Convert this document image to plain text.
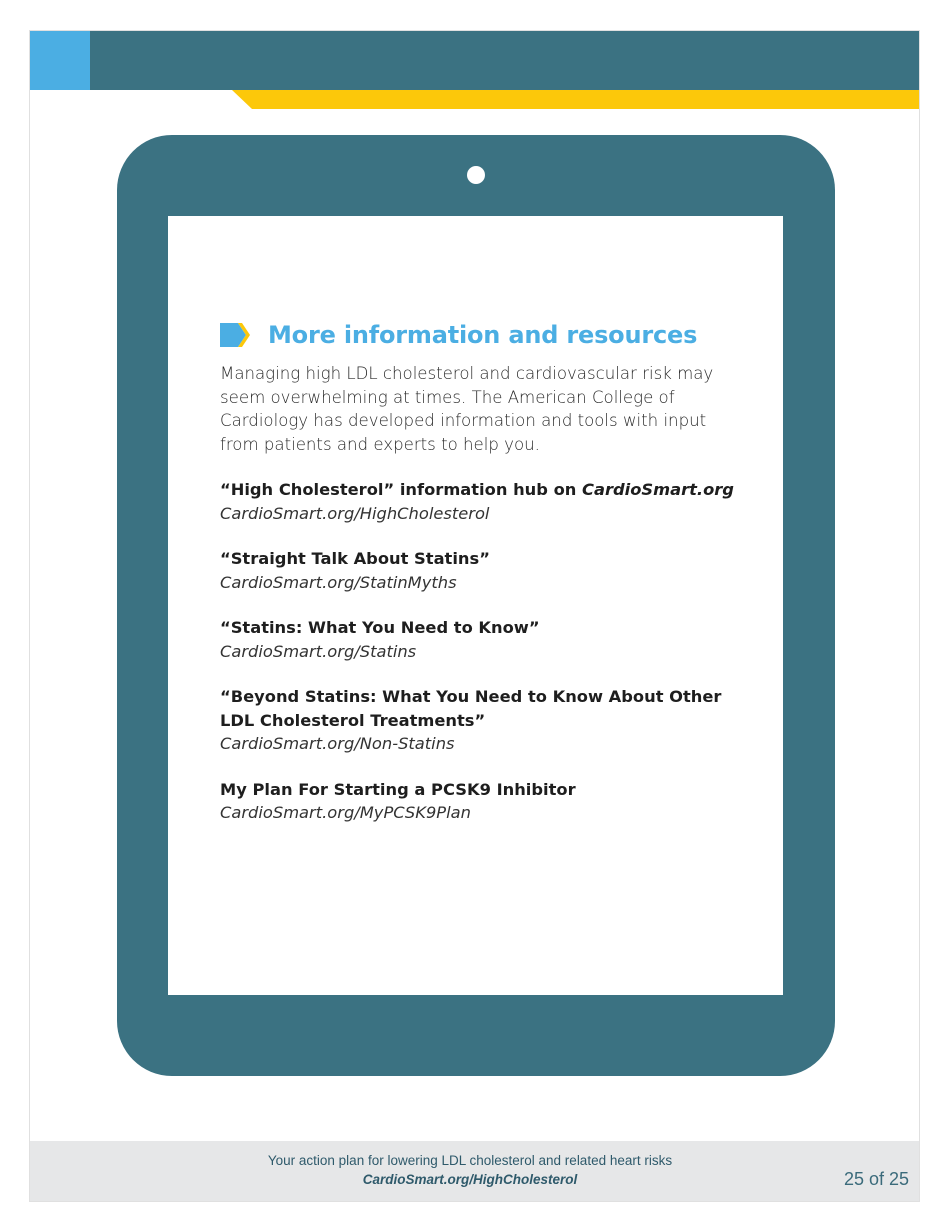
More information and resources
Managing high LDL cholesterol and cardiovascular risk may seem overwhelming at times. The American College of Cardiology has developed information and tools with input from patients and experts to help you.
“High Cholesterol” information hub on CardioSmart.org
CardioSmart.org/HighCholesterol
“Straight Talk About Statins”
CardioSmart.org/StatinMyths
“Statins: What You Need to Know”
CardioSmart.org/Statins
“Beyond Statins: What You Need to Know About Other LDL Cholesterol Treatments”
CardioSmart.org/Non-Statins
My Plan For Starting a PCSK9 Inhibitor
CardioSmart.org/MyPCSK9Plan
Your action plan for lowering LDL cholesterol and related heart risks
CardioSmart.org/HighCholesterol	25 of 25
